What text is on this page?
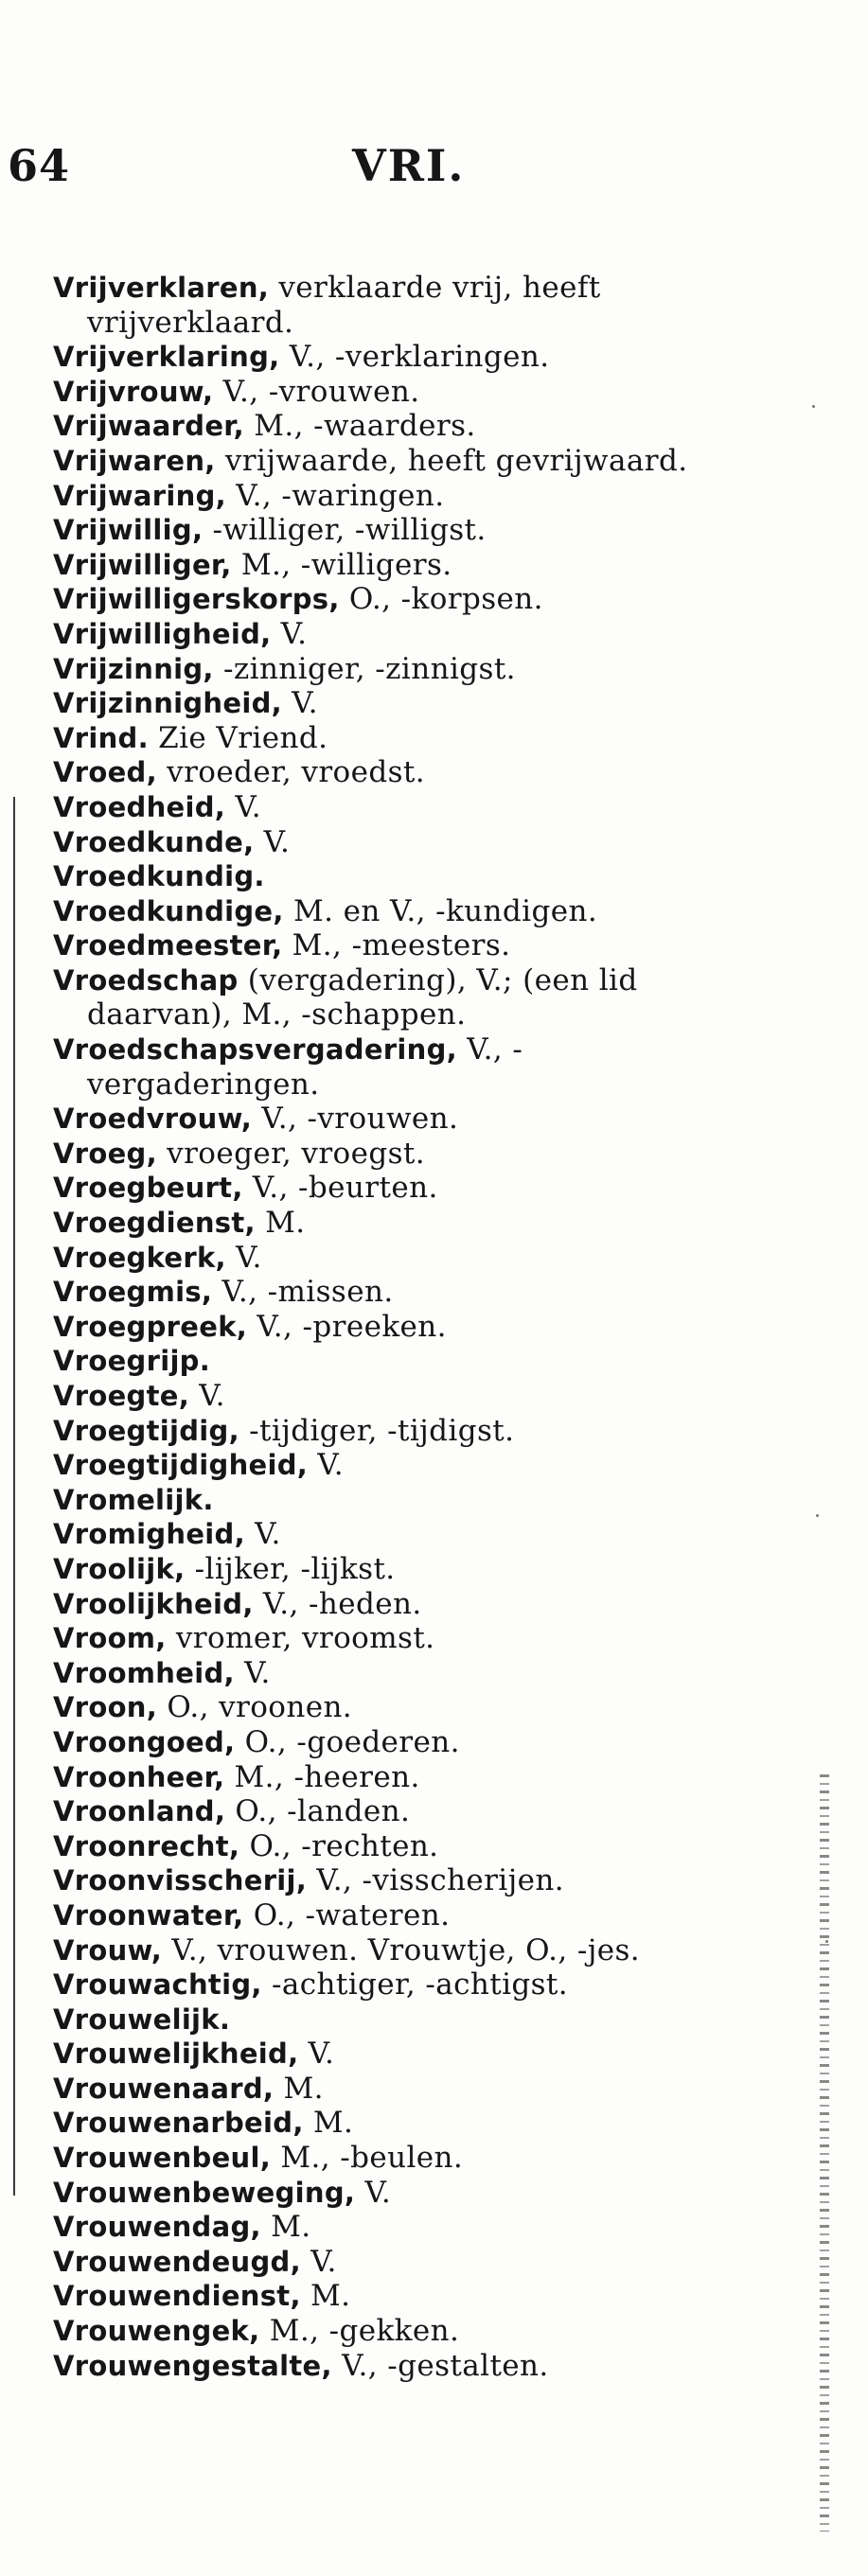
64	VRI.
Vrijverklaren, verklaarde vrij, heeft vrijverklaard.
Vrijverklaring, V., -verklaringen.
Vrijvrouw, V., -vrouwen.
Vrijwaarder, M., -waarders.
Vrijwaren, vrijwaarde, heeft gevrijwaard.
Vrijwaring, V., -waringen.
Vrijwillig, -williger, -willigst.
Vrijwilliger, M., -willigers.
Vrijwilligerskorps, O., -korpsen.
Vrijwilligheid, V.
Vrijzinnig, -zinniger, -zinnigst.
Vrijzinnigheid, V.
Vrind. Zie Vriend.
Vroed, vroeder, vroedst.
Vroedheid, V.
Vroedkunde, V.
Vroedkundig.
Vroedkundige, M. en V., -kundigen.
Vroedmeester, M., -meesters.
Vroedschap (vergadering), V.; (een lid daarvan), M., -schappen.
Vroedschapsvergadering, V., -vergaderingen.
Vroedvrouw, V., -vrouwen.
Vroeg, vroeger, vroegst.
Vroegbeurt, V., -beurten.
Vroegdienst, M.
Vroegkerk, V.
Vroegmis, V., -missen.
Vroegpreek, V., -preeken.
Vroegrijp.
Vroegte, V.
Vroegtijdig, -tijdiger, -tijdigst.
Vroegtijdigheid, V.
Vromelijk.
Vromigheid, V.
Vroolijk, -lijker, -lijkst.
Vroolijkheid, V., -heden.
Vroom, vromer, vroomst.
Vroomheid, V.
Vroon, O., vroonen.
Vroongoed, O., -goederen.
Vroonheer, M., -heeren.
Vroonland, O., -landen.
Vroonrecht, O., -rechten.
Vroonvisscherij, V., -visscherijen.
Vroonwater, O., -wateren.
Vrouw, V., vrouwen. Vrouwtje, O., -jes.
Vrouwachtig, -achtiger, -achtigst.
Vrouwelijk.
Vrouwelijkheid, V.
Vrouwenaard, M.
Vrouwenarbeid, M.
Vrouwenbeul, M., -beulen.
Vrouwenbeweging, V.
Vrouwendag, M.
Vrouwendeugd, V.
Vrouwendienst, M.
Vrouwengek, M., -gekken.
Vrouwengestalte, V., -gestalten.
